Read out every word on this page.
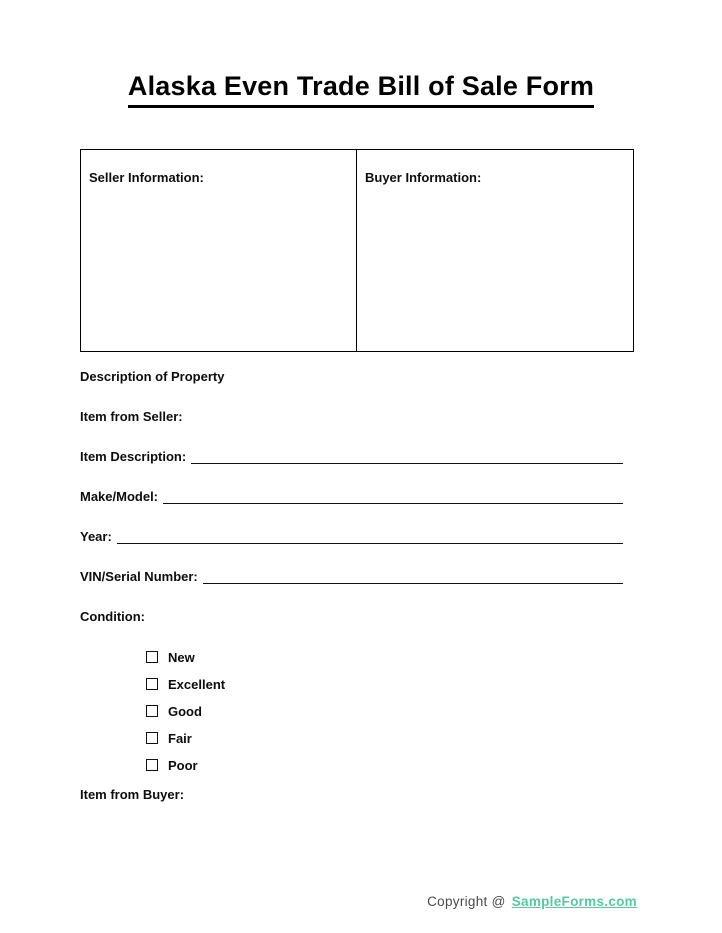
Alaska Even Trade Bill of Sale Form
Seller Information:	Buyer Information:
Description of Property
Item from Seller:
Item Description:
Make/Model:
Year:
VIN/Serial Number:
Condition:
New
Excellent
Good
Fair
Poor
Item from Buyer:
Copyright @ SampleForms.com
